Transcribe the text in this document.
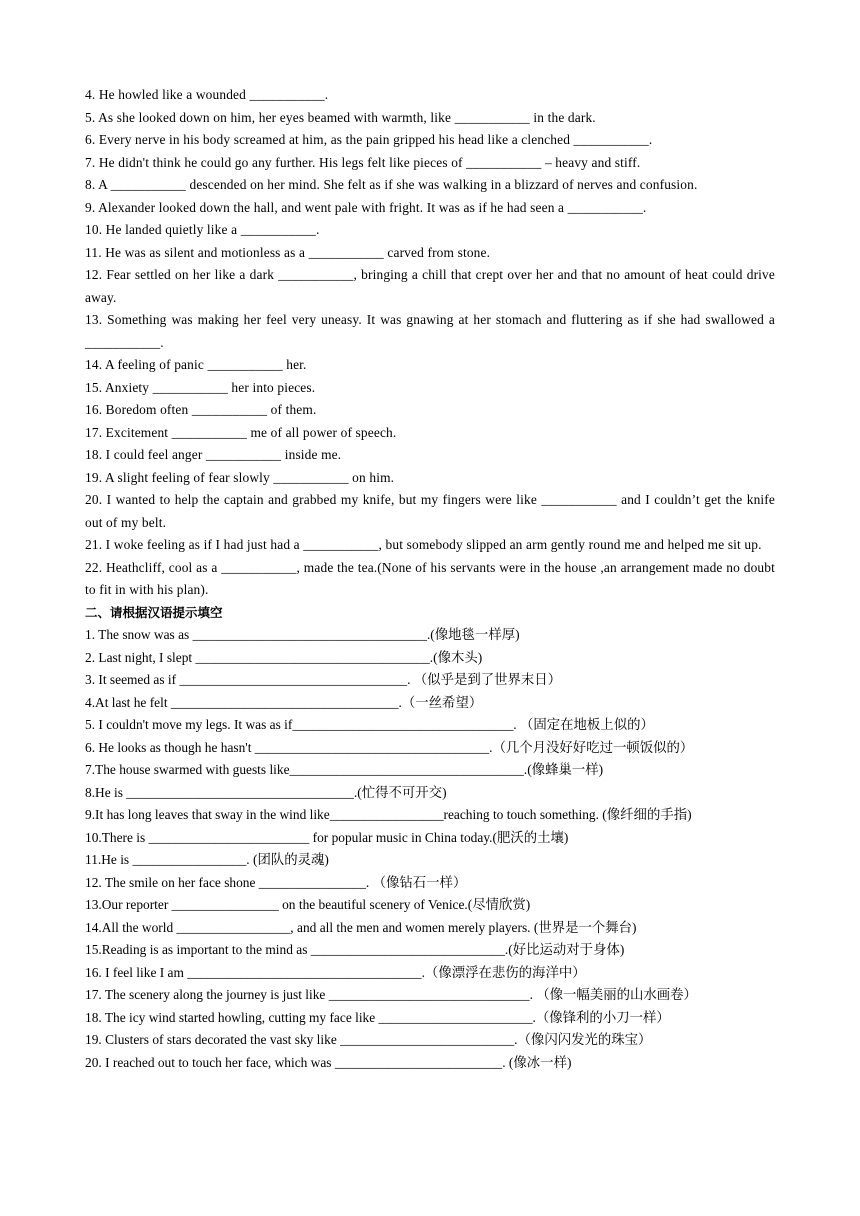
4. He howled like a wounded ___________.

5. As she looked down on him, her eyes beamed with warmth, like ___________ in the dark.

6. Every nerve in his body screamed at him, as the pain gripped his head like a clenched ___________.

7. He didn't think he could go any further. His legs felt like pieces of ___________ – heavy and stiff.

8. A ___________ descended on her mind. She felt as if she was walking in a blizzard of nerves and confusion.

9. Alexander looked down the hall, and went pale with fright. It was as if he had seen a ___________.

10. He landed quietly like a ___________.

11. He was as silent and motionless as a ___________ carved from stone.

12. Fear settled on her like a dark ___________, bringing a chill that crept over her and that no amount of heat could drive away.

13. Something was making her feel very uneasy. It was gnawing at her stomach and fluttering as if she had swallowed a ___________.

14. A feeling of panic ___________ her.

15. Anxiety ___________ her into pieces.

16. Boredom often ___________ of them.

17. Excitement ___________ me of all power of speech.

18. I could feel anger ___________ inside me.

19. A slight feeling of fear slowly ___________ on him.

20. I wanted to help the captain and grabbed my knife, but my fingers were like ___________ and I couldn’t get the knife out of my belt.

21. I woke feeling as if I had just had a ___________, but somebody slipped an arm gently round me and helped me sit up.

22. Heathcliff, cool as a ___________, made the tea.(None of his servants were in the house ,an arrangement made no doubt to fit in with his plan).

二、请根据汉语提示填空

1. The snow was as ___________________________________.(像地毯一样厚)

2. Last night, I slept ___________________________________.(像木头)

3. It seemed as if __________________________________. （似乎是到了世界末日）

4.At last he felt __________________________________.（一丝希望）

5. I couldn't move my legs. It was as if_________________________________. （固定在地板上似的）

6. He looks as though he hasn't ___________________________________.（几个月没好好吃过一顿饭似的）

7.The house swarmed with guests like___________________________________.(像蜂巢一样)

8.He is __________________________________.(忙得不可开交)

9.It has long leaves that sway in the wind like_________________reaching to touch something. (像纤细的手指)

10.There is ________________________ for popular music in China today.(肥沃的土壤)

11.He is _________________. (团队的灵魂)

12. The smile on her face shone ________________. （像钻石一样）

13.Our reporter ________________ on the beautiful scenery of Venice.(尽情欣赏)

14.All the world _________________, and all the men and women merely players. (世界是一个舞台)

15.Reading is as important to the mind as _____________________________.(好比运动对于身体)

16. I feel like I am ___________________________________.（像漂浮在悲伤的海洋中）

17. The scenery along the journey is just like ______________________________. （像一幅美丽的山水画卷）

18. The icy wind started howling, cutting my face like _______________________.（像锋利的小刀一样）

19. Clusters of stars decorated the vast sky like __________________________.（像闪闪发光的珠宝）

20. I reached out to touch her face, which was _________________________. (像冰一样)
